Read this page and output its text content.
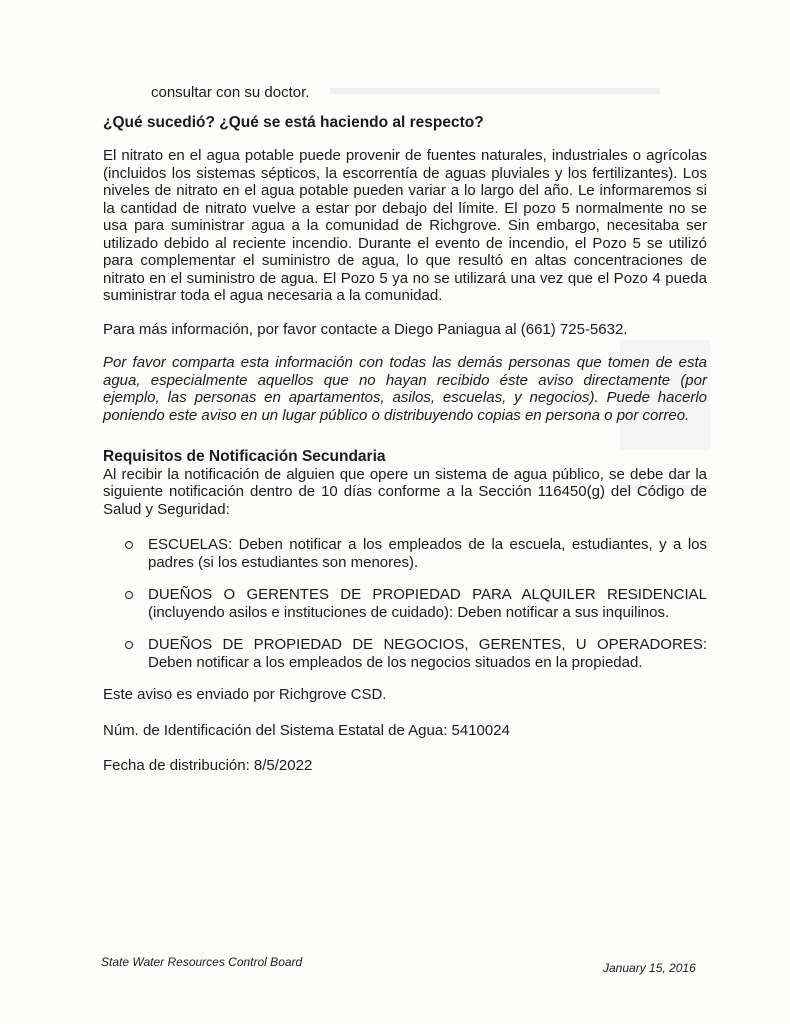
consultar con su doctor.

¿Qué sucedió? ¿Qué se está haciendo al respecto?

El nitrato en el agua potable puede provenir de fuentes naturales, industriales o agrícolas (incluidos los sistemas sépticos, la escorrentía de aguas pluviales y los fertilizantes). Los niveles de nitrato en el agua potable pueden variar a lo largo del año. Le informaremos si la cantidad de nitrato vuelve a estar por debajo del límite. El pozo 5 normalmente no se usa para suministrar agua a la comunidad de Richgrove. Sin embargo, necesitaba ser utilizado debido al reciente incendio. Durante el evento de incendio, el Pozo 5 se utilizó para complementar el suministro de agua, lo que resultó en altas concentraciones de nitrato en el suministro de agua. El Pozo 5 ya no se utilizará una vez que el Pozo 4 pueda suministrar toda el agua necesaria a la comunidad.

Para más información, por favor contacte a Diego Paniagua al (661) 725-5632.

Por favor comparta esta información con todas las demás personas que tomen de esta agua, especialmente aquellos que no hayan recibido éste aviso directamente (por ejemplo, las personas en apartamentos, asilos, escuelas, y negocios). Puede hacerlo poniendo este aviso en un lugar público o distribuyendo copias en persona o por correo.

Requisitos de Notificación Secundaria

Al recibir la notificación de alguien que opere un sistema de agua público, se debe dar la siguiente notificación dentro de 10 días conforme a la Sección 116450(g) del Código de Salud y Seguridad:

ESCUELAS: Deben notificar a los empleados de la escuela, estudiantes, y a los padres (si los estudiantes son menores).
DUEÑOS O GERENTES DE PROPIEDAD PARA ALQUILER RESIDENCIAL (incluyendo asilos e instituciones de cuidado): Deben notificar a sus inquilinos.
DUEÑOS DE PROPIEDAD DE NEGOCIOS, GERENTES, U OPERADORES: Deben notificar a los empleados de los negocios situados en la propiedad.

Este aviso es enviado por Richgrove CSD.

Núm. de Identificación del Sistema Estatal de Agua: 5410024

Fecha de distribución: 8/5/2022

State Water Resources Control Board	January 15, 2016
